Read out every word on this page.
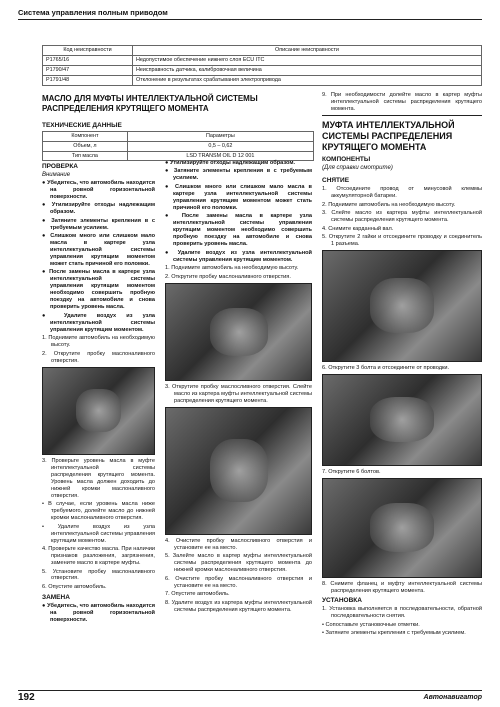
Система управления полным приводом
Код неисправности	Описание неисправности
P1765/16	Недопустимое обеспечение нижнего слоя ECU ITC
P1790/47	Неисправность датчика, калибровочная величина
P1791/48	Отклонение в результатах срабатывания электропривода
МАСЛО ДЛЯ МУФТЫ ИНТЕЛЛЕКТУАЛЬНОЙ СИСТЕМЫ РАСПРЕДЕЛЕНИЯ КРУТЯЩЕГО МОМЕНТА
ТЕХНИЧЕСКИЕ ДАННЫЕ
Компонент	Параметры
Объем, л	0,5 – 0,62
Тип масла	LSD TRANSM OIL D 12 001
ПРОВЕРКА
Внимание

● Убедитесь, что автомобиль находится на ровной горизонтальной поверхности.

● Утилизируйте отходы надлежащим образом.

● Затяните элементы крепления в с требуемым усилием.

● Слишком много или слишком мало масла в картере узла интеллектуальной системы управления крутящим моментом может стать причиной его поломки.

● После замены масла в картере узла интеллектуальной системы управления крутящим моментом необходимо совершить пробную поездку на автомобиле и снова проверить уровень масла.

● Удалите воздух из узла интеллектуальной системы управления крутящим моментом.

1. Поднимите автомобиль на необходимую высоту.

2. Открутите пробку маслоналивного отверстия.

3. Проверьте уровень масла в муфте интеллектуальной системы распределения крутящего момента. Уровень масла должен доходить до нижней кромки маслоналивного отверстия.

• В случае, если уровень масла ниже требуемого, долейте масло до нижней кромки маслоналивного отверстия.

• Удалите воздух из узла интеллектуальной системы управления крутящим моментом.

4. Проверьте качество масла. При наличии признаков разложения, загрязнения, замените масло в картере муфты.

5. Установите пробку маслоналивного отверстия.

6. Опустите автомобиль.

ЗАМЕНА

● Убедитесь, что автомобиль находится на ровной горизонтальной поверхности.

● Утилизируйте отходы надлежащим образом.

● Затяните элементы крепления в с требуемым усилием.

● Слишком много или слишком мало масла в картере узла интеллектуальной системы управления крутящим моментом может стать причиной его поломки.

● После замены масла в картере узла интеллектуальной системы управления крутящим моментом необходимо совершить пробную поездку на автомобиле и снова проверить уровень масла.

● Удалите воздух из узла интеллектуальной системы управления крутящим моментом.

1. Поднимите автомобиль на необходимую высоту.

2. Открутите пробку маслоналивного отверстия.

3. Открутите пробку маслосливного отверстия. Слейте масло из картера муфты интеллектуальной системы распределения крутящего момента.

4. Очистите пробку маслосливного отверстия и установите ее на место.

5. Залейте масло в картер муфты интеллектуальной системы распределения крутящего момента до нижней кромки маслоналивного отверстия.

6. Очистите пробку маслоналивного отверстия и установите ее на место.

7. Опустите автомобиль.

8. Удалите воздух из картера муфты интеллектуальной системы распределения крутящего момента.

9. При необходимости долейте масло в картер муфты интеллектуальной системы распределения крутящего момента.

МУФТА ИНТЕЛЛЕКТУАЛЬНОЙ СИСТЕМЫ РАСПРЕДЕЛЕНИЯ КРУТЯЩЕГО МОМЕНТА
КОМПОНЕНТЫ
(Для справки смотрите)
СНЯТИЕ

1. Отсоедините провод от минусовой клеммы аккумуляторной батареи.

2. Поднимите автомобиль на необходимую высоту.

3. Слейте масло из картера муфты интеллектуальной системы распределения крутящего момента.

4. Снимите карданный вал.

5. Открутите 2 гайки и отсоедините проводку и соединитель 1 разъема.

6. Открутите 3 болта и отсоедините от проводки.

7. Открутите 6 болтов.

8. Снимите фланец и муфту интеллектуальной системы распределения крутящего момента.

УСТАНОВКА

1. Установка выполняется в последовательности, обратной последовательности снятия.

• Сопоставьте установочные отметки.

• Затяните элементы крепления с требуемым усилием.

192	Автонавигатор
